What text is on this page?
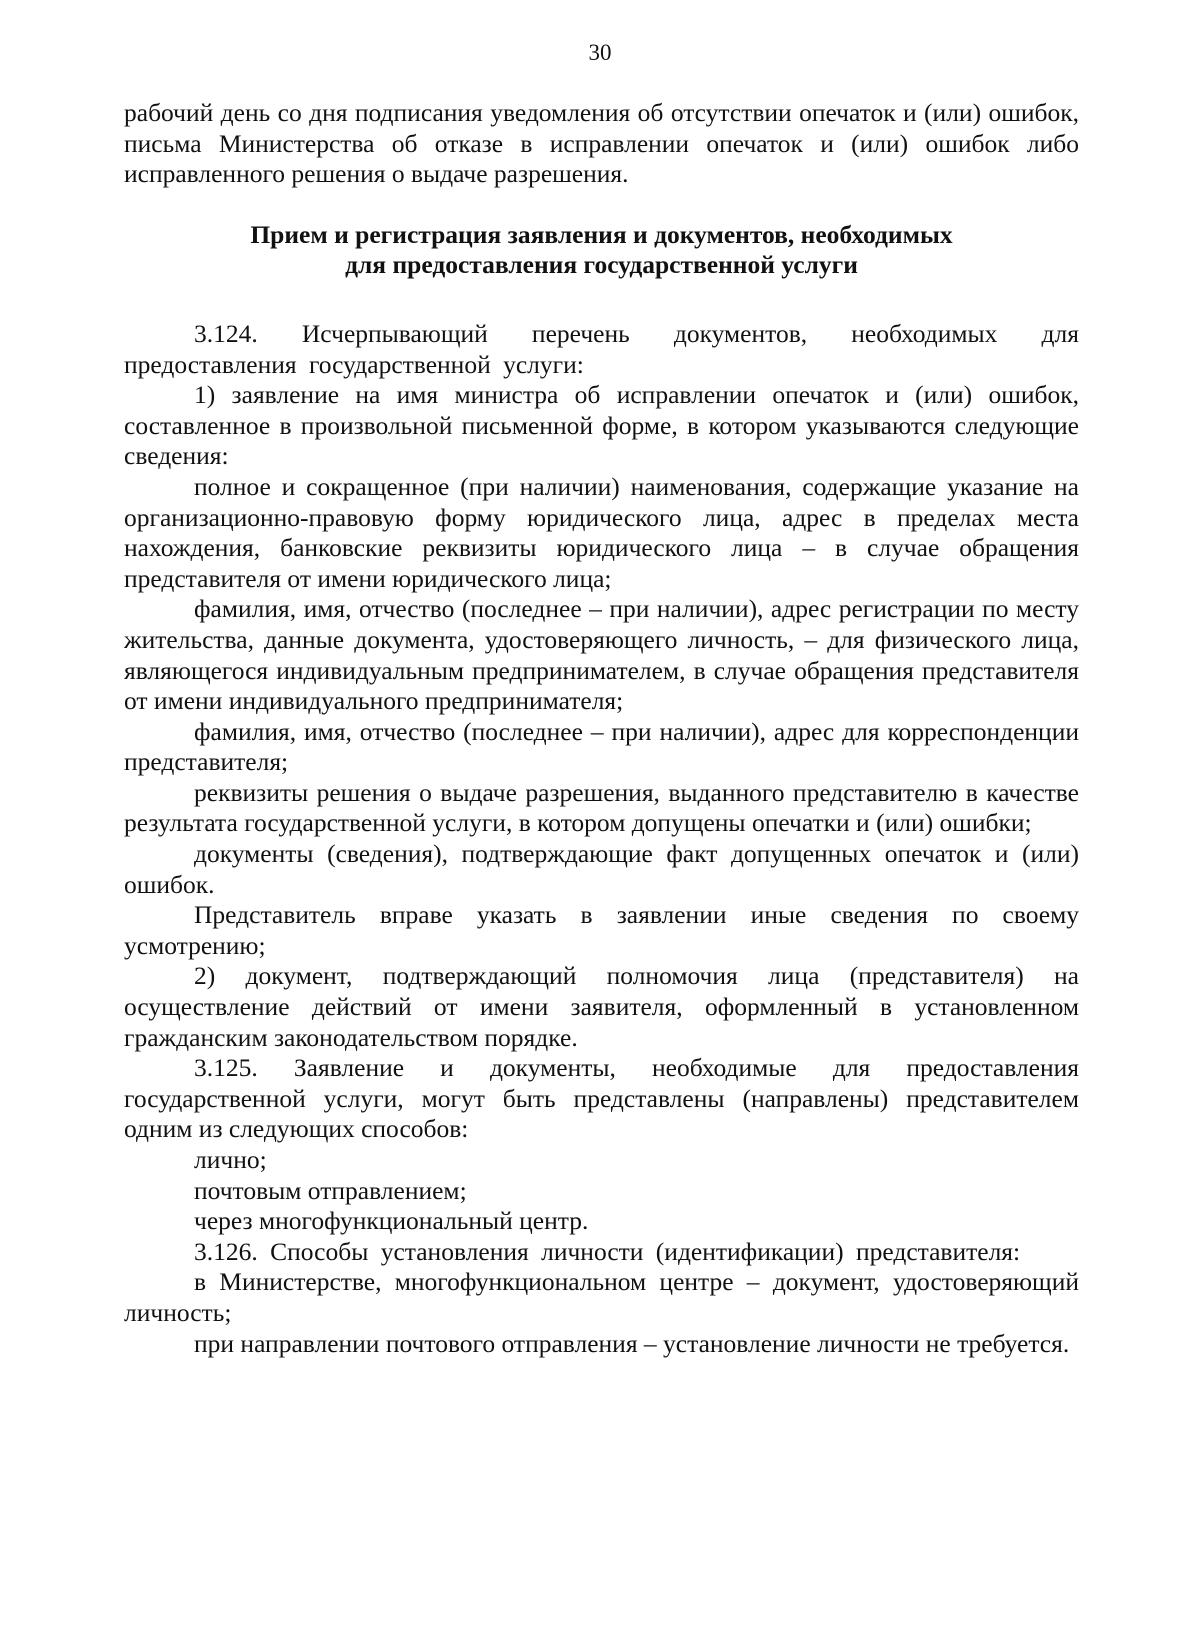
30

рабочий день со дня подписания уведомления об отсутствии опечаток и (или) ошибок, письма Министерства об отказе в исправлении опечаток и (или) ошибок либо исправленного решения о выдаче разрешения.

Прием и регистрация заявления и документов, необходимых
для предоставления государственной услуги

3.124. Исчерпывающий перечень документов, необходимых для предоставления государственной услуги:

1) заявление на имя министра об исправлении опечаток и (или) ошибок, составленное в произвольной письменной форме, в котором указываются следующие сведения:

полное и сокращенное (при наличии) наименования, содержащие указание на организационно-правовую форму юридического лица, адрес в пределах места нахождения, банковские реквизиты юридического лица – в случае обращения представителя от имени юридического лица;

фамилия, имя, отчество (последнее – при наличии), адрес регистрации по месту жительства, данные документа, удостоверяющего личность, – для физического лица, являющегося индивидуальным предпринимателем, в случае обращения представителя от имени индивидуального предпринимателя;

фамилия, имя, отчество (последнее – при наличии), адрес для корреспонденции представителя;

реквизиты решения о выдаче разрешения, выданного представителю в качестве результата государственной услуги, в котором допущены опечатки и (или) ошибки;

документы (сведения), подтверждающие факт допущенных опечаток и (или) ошибок.

Представитель вправе указать в заявлении иные сведения по своему усмотрению;

2) документ, подтверждающий полномочия лица (представителя) на осуществление действий от имени заявителя, оформленный в установленном гражданским законодательством порядке.

3.125. Заявление и документы, необходимые для предоставления государственной услуги, могут быть представлены (направлены) представителем одним из следующих способов:

лично;

почтовым отправлением;

через многофункциональный центр.

3.126. Способы установления личности (идентификации) представителя:

в Министерстве, многофункциональном центре – документ, удостоверяющий личность;

при направлении почтового отправления – установление личности не требуется.
